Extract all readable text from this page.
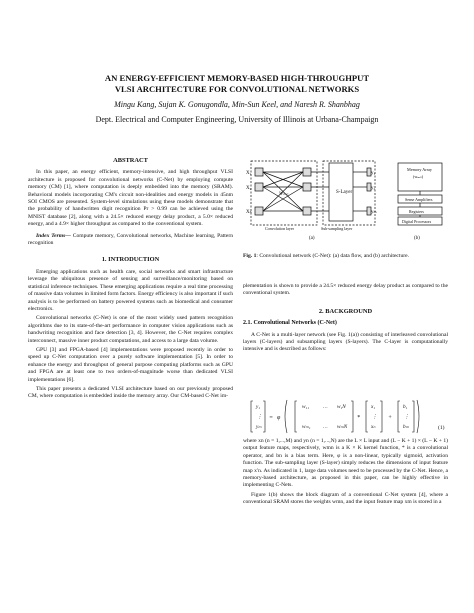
AN ENERGY-EFFICIENT MEMORY-BASED HIGH-THROUGHPUT
VLSI ARCHITECTURE FOR CONVOLUTIONAL NETWORKS
Mingu Kang, Sujan K. Gonugondla, Min-Sun Keel, and Naresh R. Shanbhag
Dept. Electrical and Computer Engineering, University of Illinois at Urbana-Champaign
ABSTRACT

In this paper, an energy efficient, memory-intensive, and high throughput VLSI architecture is proposed for convolutional networks (C-Net) by employing compute memory (CM) [1], where computation is deeply embedded into the memory (SRAM). Behavioral models incorporating CM's circuit non-idealities and energy models in 45nm SOI CMOS are presented. System-level simulations using these models demonstrate that the probability of handwritten digit recognition Pr > 0.99 can be achieved using the MNIST database [2], along with a 24.5× reduced energy delay product, a 5.0× reduced energy, and a 4.9× higher throughput as compared to the conventional system.

Index Terms— Compute memory, Convolutional networks, Machine learning, Pattern recognition

1. INTRODUCTION

Emerging applications such as health care, social networks and smart infrastructure leverage the ubiquitous presence of sensing and surveillance/monitoring based on statistical inference techniques. These emerging applications require a real time processing of massive data volumes in limited form factors. Energy efficiency is also important if such analysis is to be performed on battery powered systems such as biomedical and consumer electronics.

Convolutional networks (C-Net) is one of the most widely used pattern recognition algorithms due to its state-of-the-art performance in computer vision applications such as handwriting recognition and face detection [3, 4]. However, the C-Net requires complex interconnect, massive inner product computations, and access to a large data volume.

GPU [3] and FPGA-based [4] implementations were proposed recently in order to speed up C-Net computation over a purely software implementation [5]. In order to enhance the energy and throughput of general purpose computing platforms such as GPU and FPGA are at least one to two orders-of-magnitude worse than dedicated VLSI implementations [6].

This paper presents a dedicated VLSI architecture based on our previously proposed CM, where computation is embedded inside the memory array. Our CM-based C-Net im-

X₁
X₂
Xₙ
Wₘₙ	S-Layer
y₁
y₂
yₘ
Convolution layer	Sub-sampling layer
(a)	(b)
Memory Array
(wₘₙ)
Sense Amplifiers
Registers
Digital Processors
Fig. 1: Convolutional network (C-Net): (a) data flow, and (b) architecture.

plementation is shown to provide a 24.5× reduced energy delay product as compared to the conventional system.

2. BACKGROUND
2.1. Convolutional Networks (C-Net)

A C-Net is a multi-layer network (see Fig. 1(a)) consisting of interleaved convolutional layers (C-layers) and subsampling layers (S-layers). The C-layer is computationally intensive and is described as follows:

y₁
⋮
yₘ
= φ
w₁₁	… w₁N
wₘ₁ … wₘN
*
x₁
⋮
xₙ
+
b₁
⋮
bₘ	(1)

where xn (n = 1,...,M) and yn (n = 1,...,N) are the L × L input and (L − K + 1) × (L − K + 1) output feature maps, respectively, wmn is a K × K kernel function, * is a convolutional operator, and bn is a bias term. Here, φ is a non-linear, typically sigmoid, activation function. The sub-sampling layer (S-layer) simply reduces the dimensions of input feature map x′n. As indicated in 1, large data volumes need to be processed by the C-Net. Hence, a memory-based architecture, as proposed in this paper, can be highly effective in implementing C-Nets.

Figure 1(b) shows the block diagram of a conventional C-Net system [4], where a conventional SRAM stores the weights wmn, and the input feature map xm is stored in a
